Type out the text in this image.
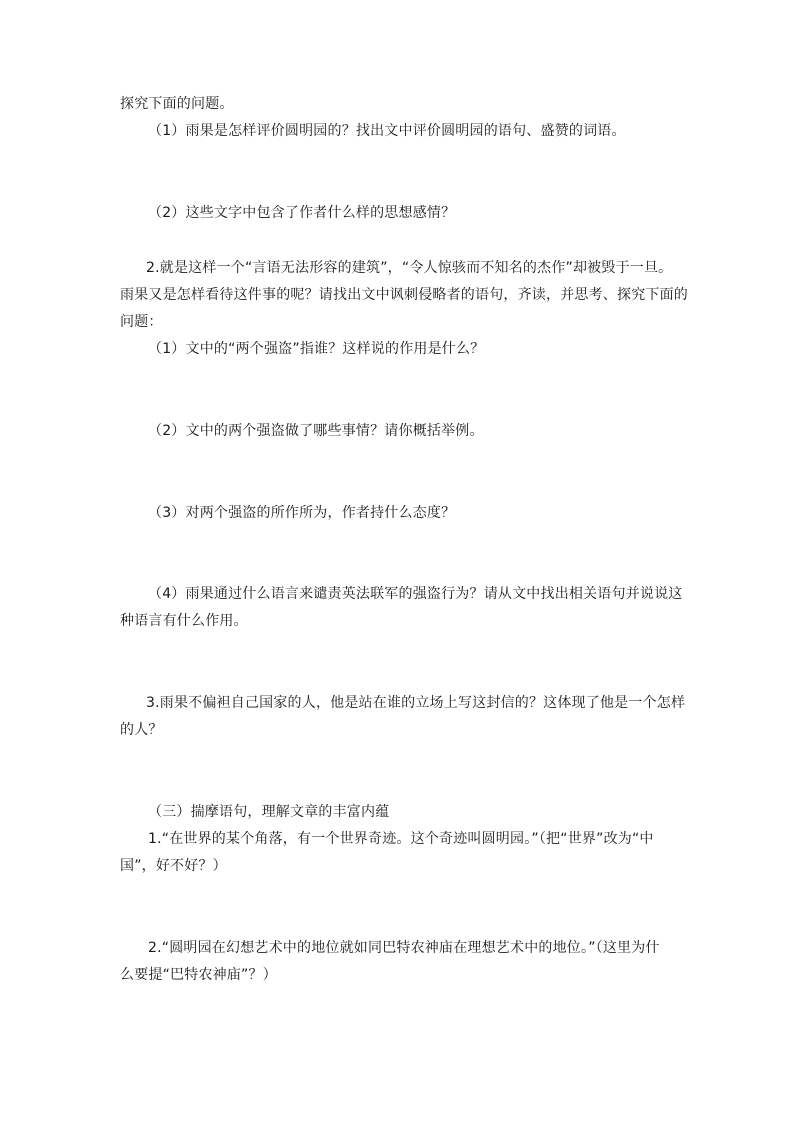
探究下面的问题。
（1）雨果是怎样评价圆明园的？找出文中评价圆明园的语句、盛赞的词语。
（2）这些文字中包含了作者什么样的思想感情？
2.就是这样一个“言语无法形容的建筑”，“令人惊骇而不知名的杰作”却被毁于一旦。
雨果又是怎样看待这件事的呢？请找出文中讽刺侵略者的语句，齐读，并思考、探究下面的
问题：
（1）文中的“两个强盗”指谁？这样说的作用是什么？
（2）文中的两个强盗做了哪些事情？请你概括举例。
（3）对两个强盗的所作所为，作者持什么态度？
（4）雨果通过什么语言来谴责英法联军的强盗行为？请从文中找出相关语句并说说这
种语言有什么作用。
3.雨果不偏袒自己国家的人，他是站在谁的立场上写这封信的？这体现了他是一个怎样
的人？
（三）揣摩语句，理解文章的丰富内蕴
1.“在世界的某个角落，有一个世界奇迹。这个奇迹叫圆明园。”（把“世界”改为“中
国”，好不好？）
2.“圆明园在幻想艺术中的地位就如同巴特农神庙在理想艺术中的地位。”（这里为什
么要提“巴特农神庙”？）
